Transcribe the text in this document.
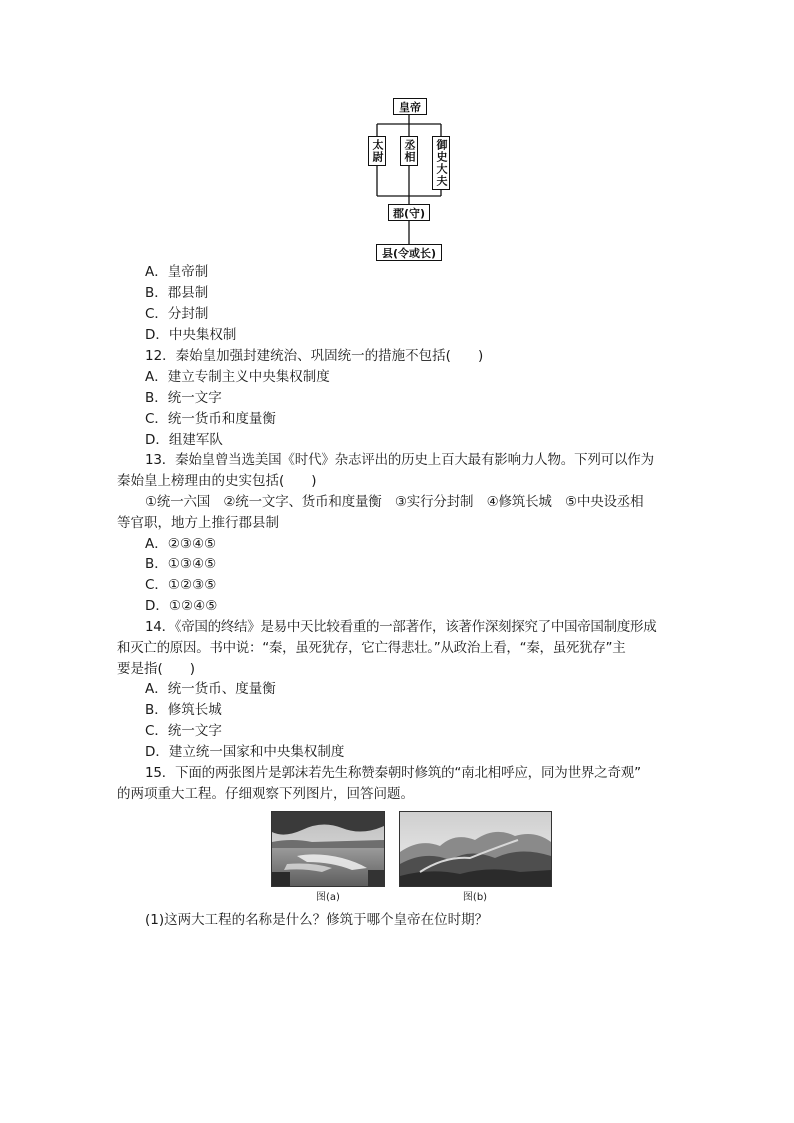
皇帝
太尉 丞相 御史大夫
郡(守)
县(令或长)
A．皇帝制
B．郡县制
C．分封制
D．中央集权制
12．秦始皇加强封建统治、巩固统一的措施不包括(　　)
A．建立专制主义中央集权制度
B．统一文字
C．统一货币和度量衡
D．组建军队
13．秦始皇曾当选美国《时代》杂志评出的历史上百大最有影响力人物。下列可以作为
秦始皇上榜理由的史实包括(　　)
①统一六国　②统一文字、货币和度量衡　③实行分封制　④修筑长城　⑤中央设丞相
等官职，地方上推行郡县制
A．②③④⑤
B．①③④⑤
C．①②③⑤
D．①②④⑤
14．《帝国的终结》是易中天比较看重的一部著作，该著作深刻探究了中国帝国制度形成
和灭亡的原因。书中说：“秦，虽死犹存，它亡得悲壮。”从政治上看，“秦，虽死犹存”主
要是指(　　)
A．统一货币、度量衡
B．修筑长城
C．统一文字
D．建立统一国家和中央集权制度
15．下面的两张图片是郭沫若先生称赞秦朝时修筑的“南北相呼应，同为世界之奇观”
的两项重大工程。仔细观察下列图片，回答问题。
图(a)	图(b)
(1)这两大工程的名称是什么？修筑于哪个皇帝在位时期？
